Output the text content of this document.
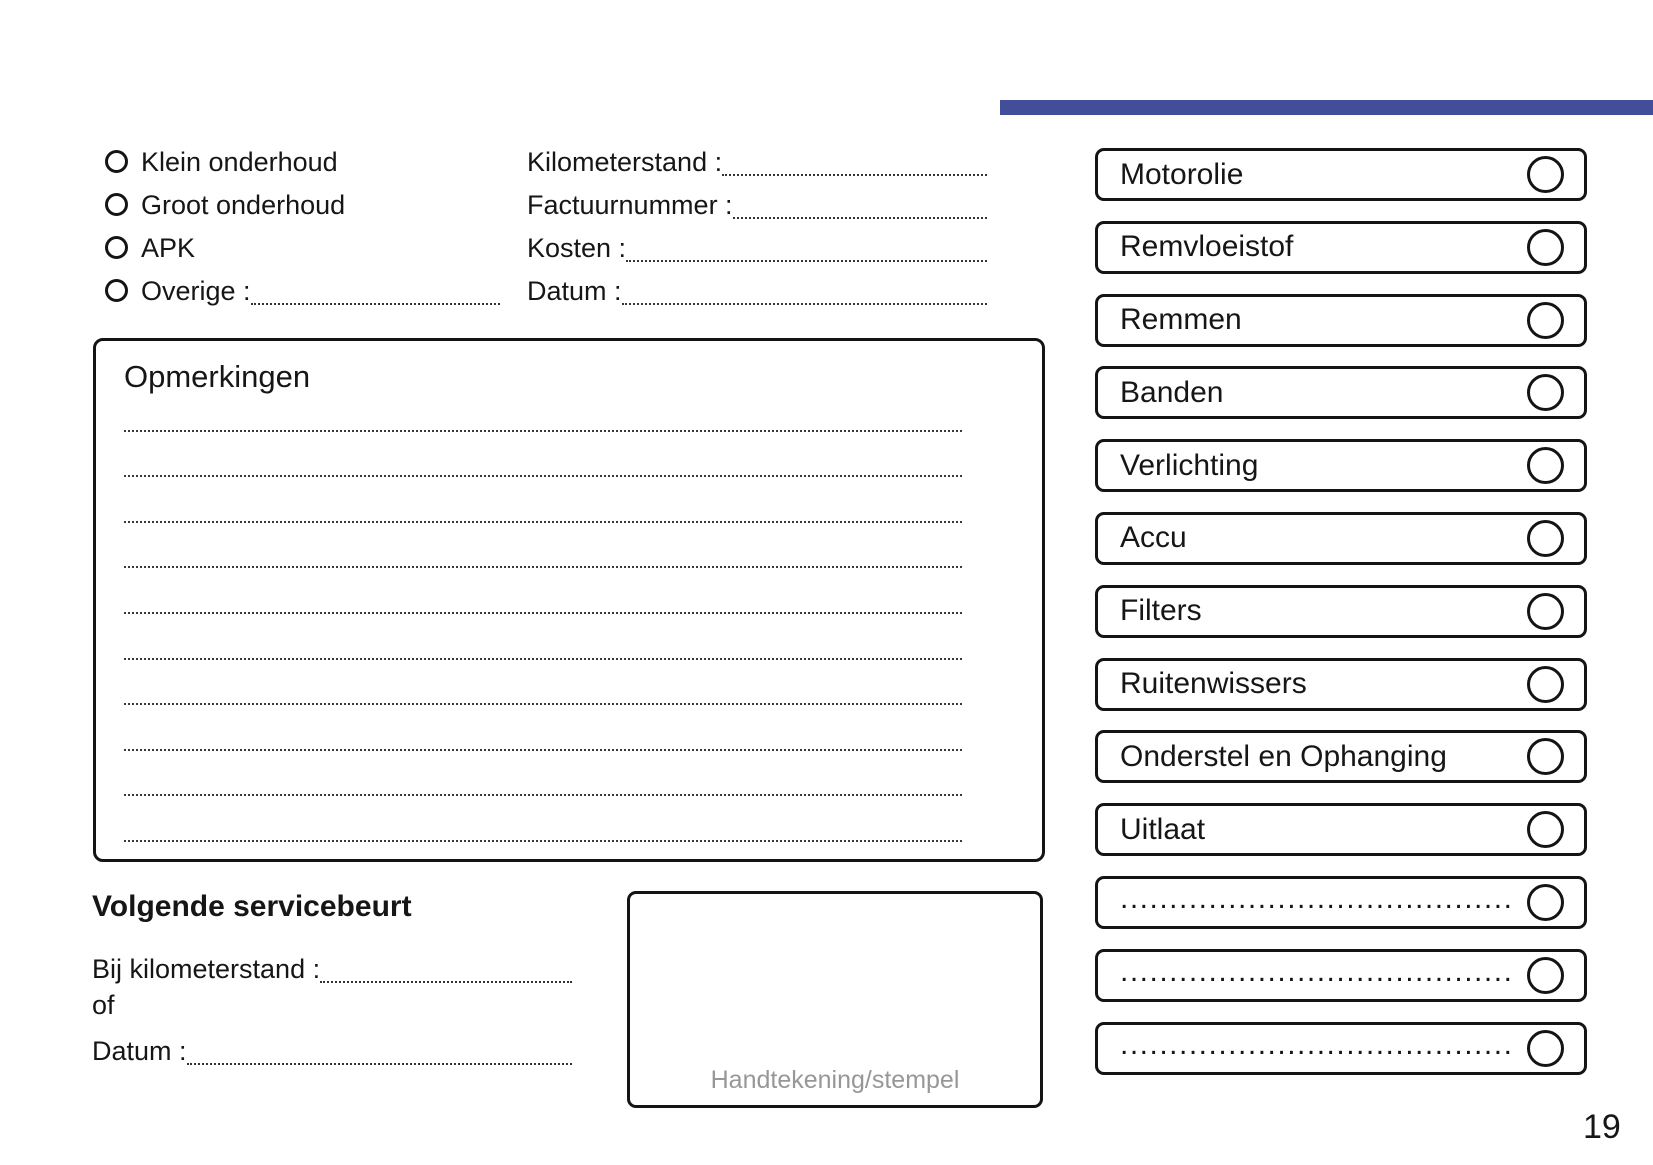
Klein onderhoud
Groot onderhoud
APK
Overige :
Kilometerstand :
Factuurnummer :
Kosten :
Datum :
Opmerkingen
Volgende servicebeurt
Bij kilometerstand :
of
Datum :
Handtekening/stempel
Motorolie
Remvloeistof
Remmen
Banden
Verlichting
Accu
Filters
Ruitenwissers
Onderstel en Ophanging
Uitlaat
........................................
........................................
........................................
19
